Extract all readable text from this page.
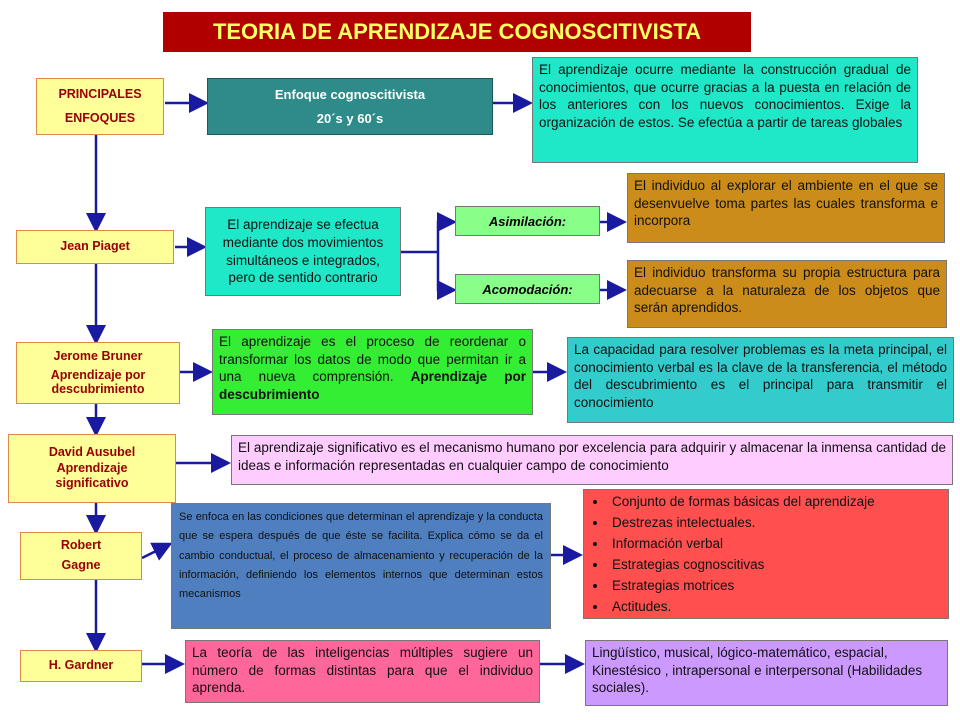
TEORIA DE APRENDIZAJE COGNOSCITIVISTA
PRINCIPALES
ENFOQUES
Jean Piaget
Jerome Bruner
Aprendizaje por
descubrimiento
David Ausubel
Aprendizaje
significativo
Robert
Gagne
H. Gardner
Enfoque cognoscitivista
20´s y 60´s
El aprendizaje ocurre mediante la construcción gradual de conocimientos, que ocurre gracias a la puesta en relación de los anteriores con los nuevos conocimientos. Exige la organización de estos. Se efectúa a partir de tareas globales
El aprendizaje se efectua mediante dos movimientos simultáneos e integrados, pero de sentido contrario
Asimilación:
Acomodación:
El individuo al explorar el ambiente en el que se desenvuelve toma partes las cuales transforma e incorpora
El individuo transforma su propia estructura para adecuarse a la naturaleza de los objetos que serán aprendidos.
El aprendizaje es el proceso de reordenar o transformar los datos de modo que permitan ir a una nueva comprensión. Aprendizaje por descubrimiento
La capacidad para resolver problemas es la meta principal, el conocimiento verbal es la clave de la transferencia, el método del descubrimiento es el principal para transmitir el conocimiento
El aprendizaje significativo es el mecanismo humano por excelencia para adquirir y almacenar la inmensa cantidad de ideas e información representadas en cualquier campo de conocimiento
Se enfoca en las condiciones que determinan el aprendizaje y la conducta que se espera después de que éste se facilita. Explica cómo se da el cambio conductual, el proceso de almacenamiento y recuperación de la información, definiendo los elementos internos que determinan estos mecanismos
• Conjunto de formas básicas del aprendizaje
• Destrezas intelectuales.
• Información verbal
• Estrategias cognoscitivas
• Estrategias motrices
• Actitudes.
La teoría de las inteligencias múltiples sugiere un número de formas distintas para que el individuo aprenda.
Lingüístico, musical, lógico-matemático, espacial, Kinestésico , intrapersonal e interpersonal (Habilidades sociales).
